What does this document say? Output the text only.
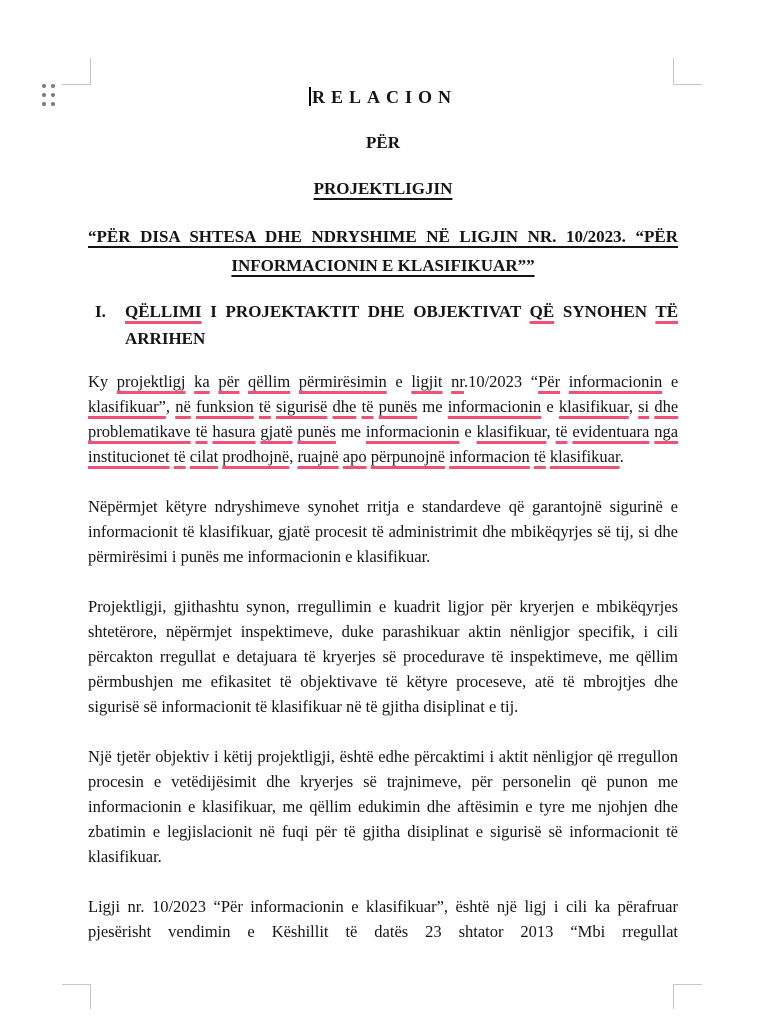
RELACION
PËR
PROJEKTLIGJIN
“PËR DISA SHTESA DHE NDRYSHIME NË LIGJIN NR. 10/2023. “PËR INFORMACIONIN E KLASIFIKUAR””
I.	QËLLIMI I PROJEKTAKTIT DHE OBJEKTIVAT QË SYNOHEN TË ARRIHEN

Ky projektligj ka për qëllim përmirësimin e ligjit nr.10/2023 “Për informacionin e klasifikuar”, në funksion të sigurisë dhe të punës me informacionin e klasifikuar, si dhe problematikave të hasura gjatë punës me informacionin e klasifikuar, të evidentuara nga institucionet të cilat prodhojnë, ruajnë apo përpunojnë informacion të klasifikuar.

Nëpërmjet këtyre ndryshimeve synohet rritja e standardeve që garantojnë sigurinë e informacionit të klasifikuar, gjatë procesit të administrimit dhe mbikëqyrjes së tij, si dhe përmirësimi i punës me informacionin e klasifikuar.

Projektligji, gjithashtu synon, rregullimin e kuadrit ligjor për kryerjen e mbikëqyrjes shtetërore, nëpërmjet inspektimeve, duke parashikuar aktin nënligjor specifik, i cili përcakton rregullat e detajuara të kryerjes së procedurave të inspektimeve, me qëllim përmbushjen me efikasitet të objektivave të këtyre proceseve, atë të mbrojtjes dhe sigurisë së informacionit të klasifikuar në të gjitha disiplinat e tij.

Një tjetër objektiv i këtij projektligji, është edhe përcaktimi i aktit nënligjor që rregullon procesin e vetëdijësimit dhe kryerjes së trajnimeve, për personelin që punon me informacionin e klasifikuar, me qëllim edukimin dhe aftësimin e tyre me njohjen dhe zbatimin e legjislacionit në fuqi për të gjitha disiplinat e sigurisë së informacionit të klasifikuar.

Ligji nr. 10/2023 “Për informacionin e klasifikuar”, është një ligj i cili ka përafruar pjesërisht vendimin e Këshillit të datës 23 shtator 2013 “Mbi rregullat
